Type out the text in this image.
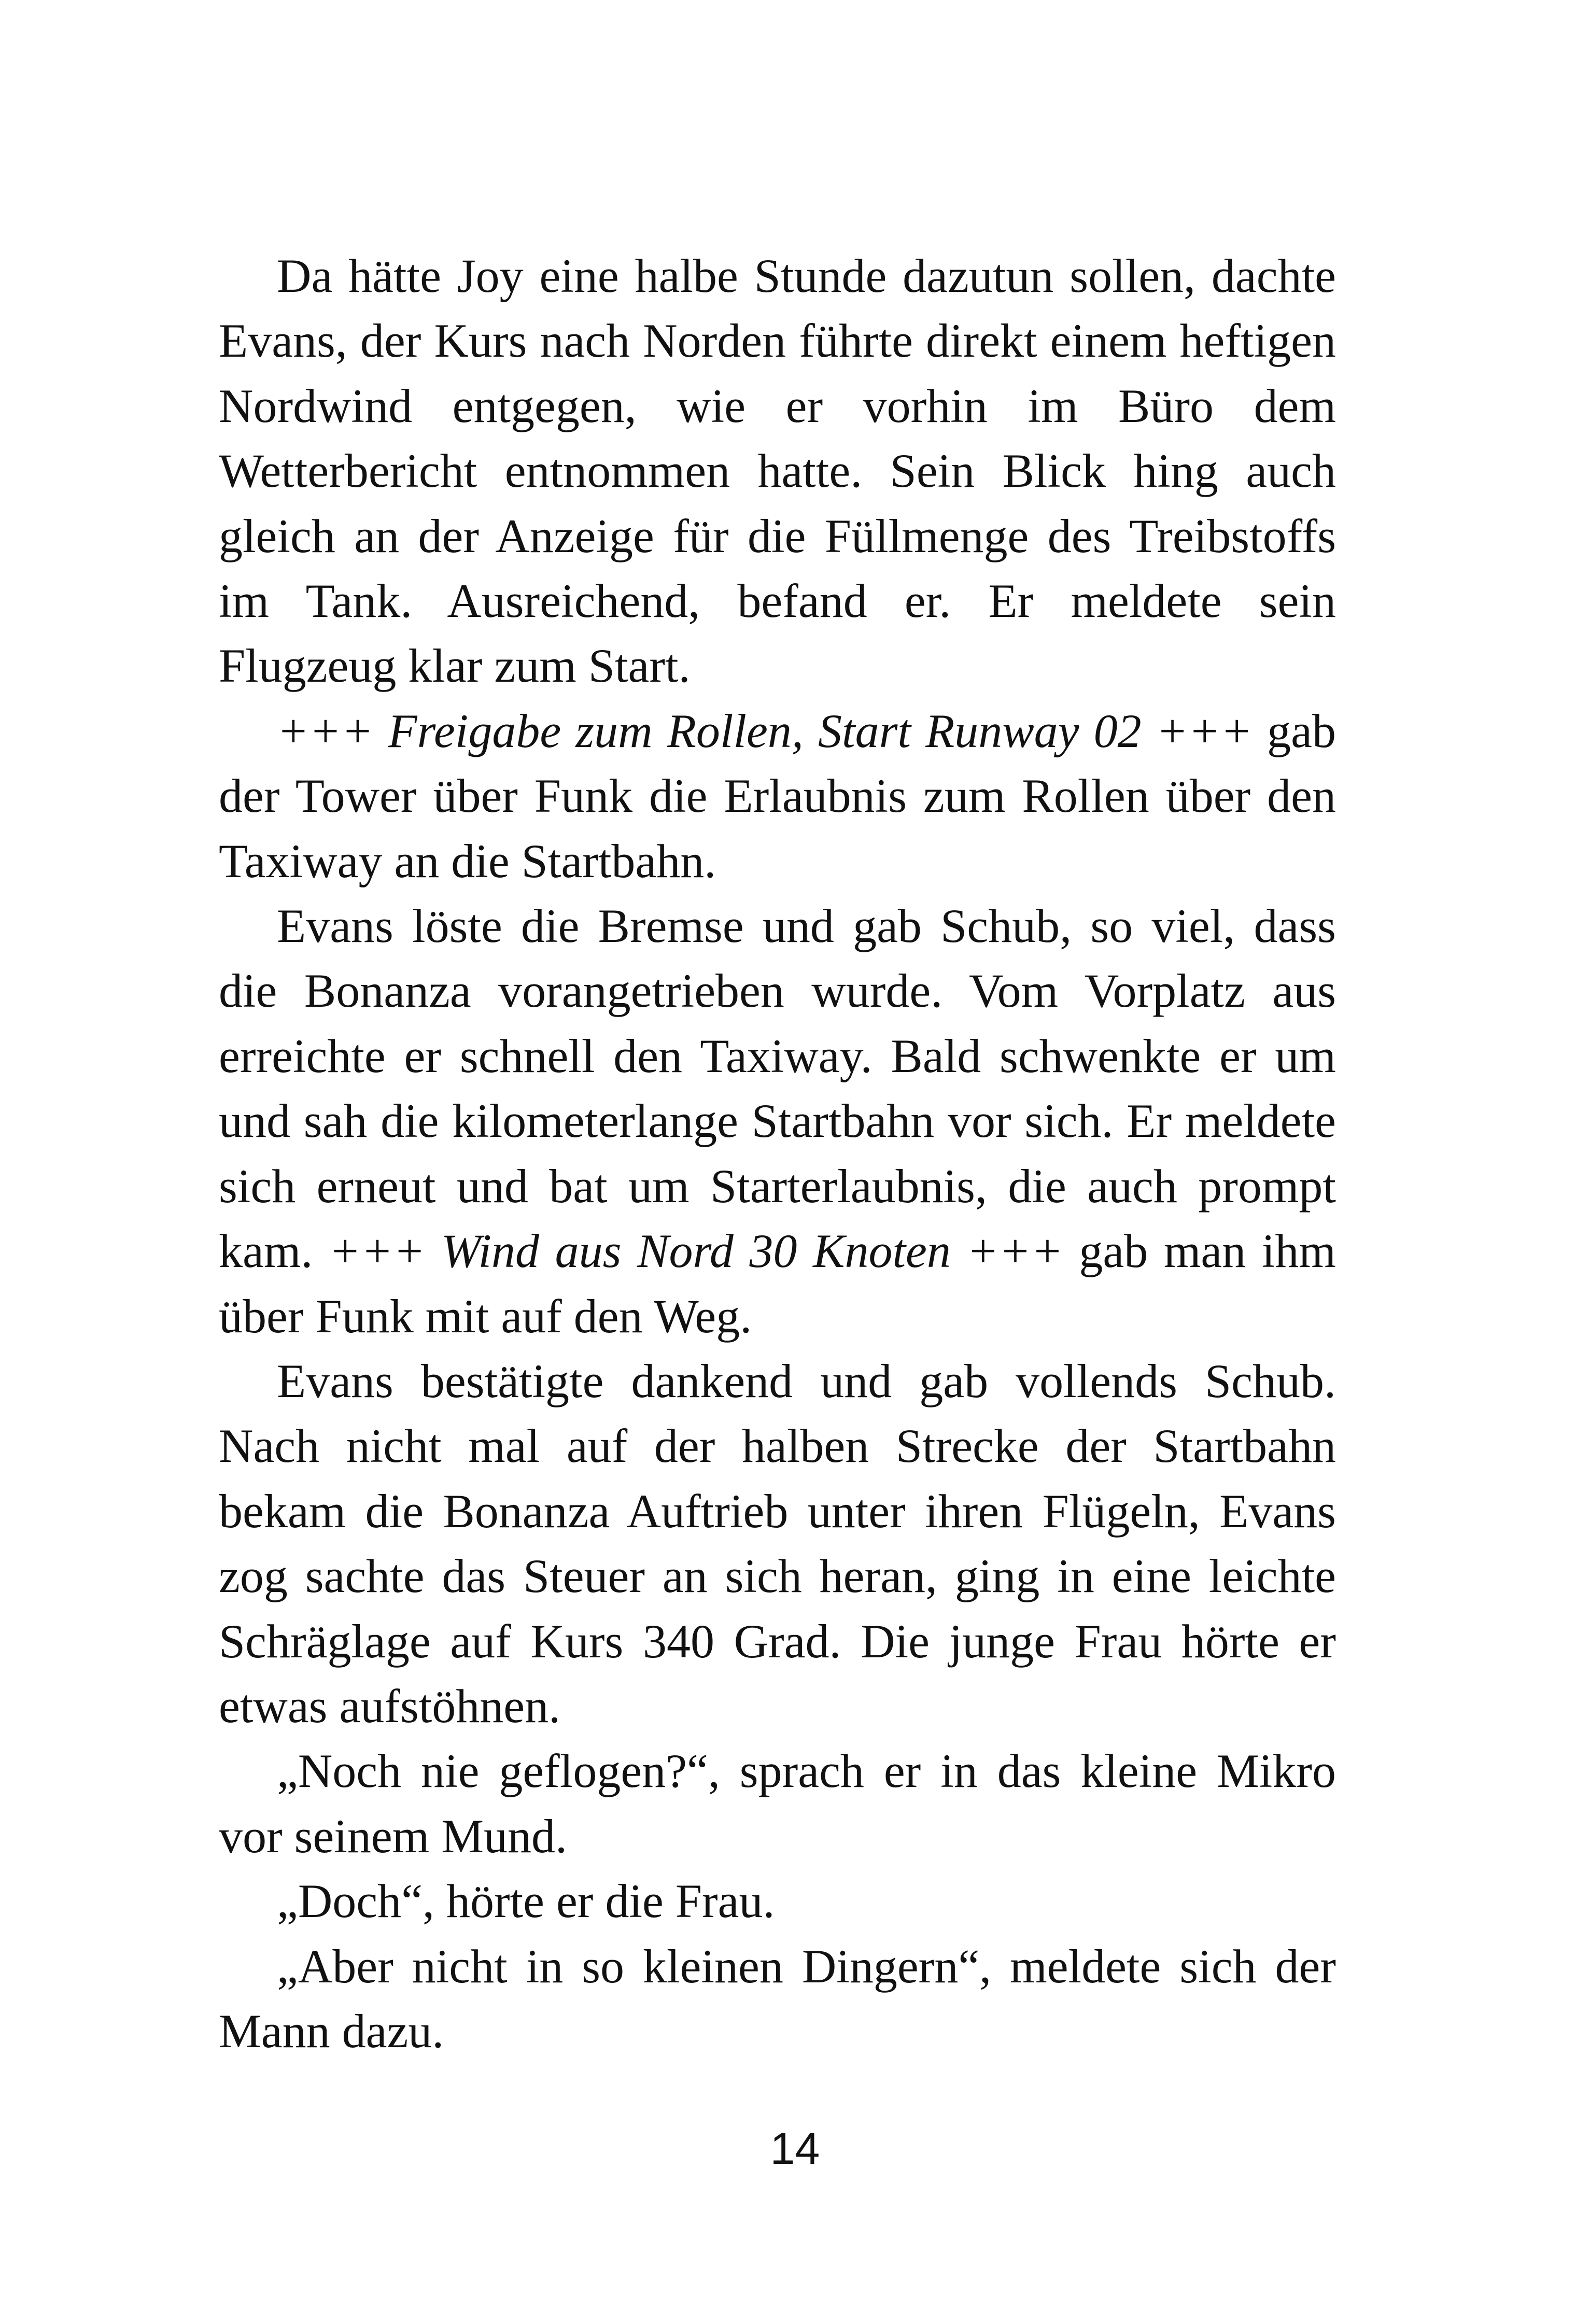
Da hätte Joy eine halbe Stunde dazutun sollen, dachte Evans, der Kurs nach Norden führte direkt einem heftigen Nordwind entgegen, wie er vorhin im Büro dem Wetterbericht entnommen hatte. Sein Blick hing auch gleich an der Anzeige für die Füllmenge des Treibstoffs im Tank. Ausreichend, befand er. Er meldete sein Flugzeug klar zum Start.

+++ Freigabe zum Rollen, Start Runway 02 +++ gab der Tower über Funk die Erlaubnis zum Rollen über den Taxiway an die Startbahn.

Evans löste die Bremse und gab Schub, so viel, dass die Bonanza vorangetrieben wurde. Vom Vorplatz aus erreichte er schnell den Taxiway. Bald schwenkte er um und sah die kilometerlange Startbahn vor sich. Er meldete sich erneut und bat um Starterlaubnis, die auch prompt kam. +++ Wind aus Nord 30 Knoten +++ gab man ihm über Funk mit auf den Weg.

Evans bestätigte dankend und gab vollends Schub. Nach nicht mal auf der halben Strecke der Startbahn bekam die Bonanza Auftrieb unter ihren Flügeln, Evans zog sachte das Steuer an sich heran, ging in eine leichte Schräglage auf Kurs 340 Grad. Die junge Frau hörte er etwas aufstöhnen.

„Noch nie geflogen?“, sprach er in das kleine Mikro vor seinem Mund.

„Doch“, hörte er die Frau.

„Aber nicht in so kleinen Dingern“, meldete sich der Mann dazu.

14
